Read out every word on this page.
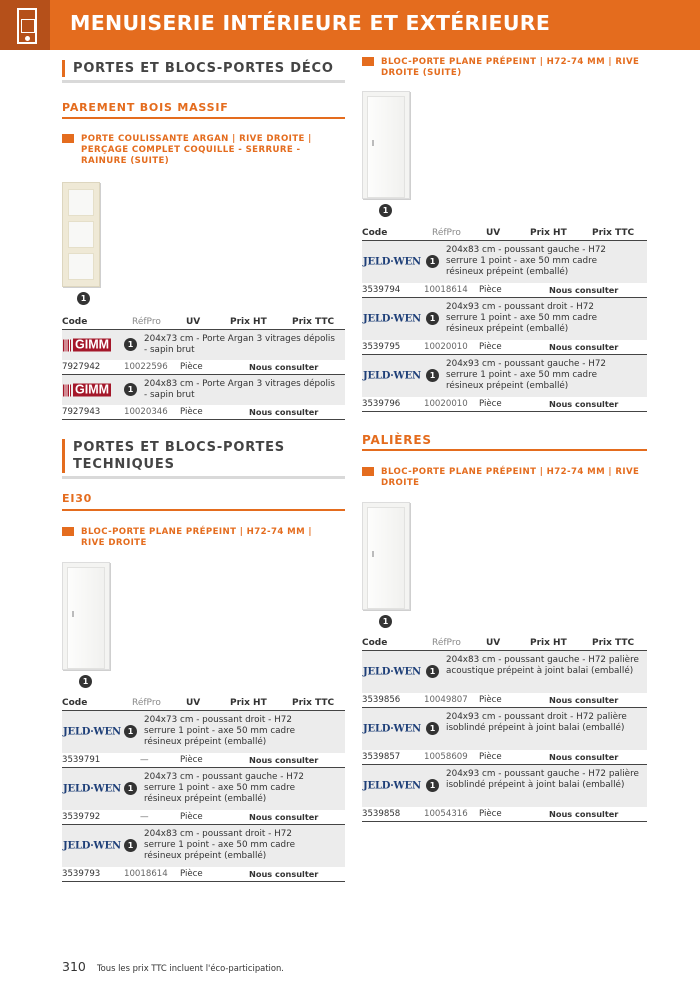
MENUISERIE INTÉRIEURE ET EXTÉRIEURE
PORTES ET BLOCS-PORTES DÉCO
PAREMENT BOIS MASSIF
PORTE COULISSANTE ARGAN | RIVE DROITE | PERÇAGE COMPLET COQUILLE - SERRURE - RAINURE (SUITE)
1
Code	RéfPro	UV	Prix HT	Prix TTC
GIMM	1
204x73 cm - Porte Argan 3 vitrages dépolis - sapin brut
7927942	10022596 Pièce	Nous consulter
GIMM	1
204x83 cm - Porte Argan 3 vitrages dépolis - sapin brut
7927943	10020346 Pièce	Nous consulter
PORTES ET BLOCS-PORTES TECHNIQUES
EI30
BLOC-PORTE PLANE PRÉPEINT | H72-74 MM | RIVE DROITE
1
Code	RéfPro	UV	Prix HT	Prix TTC
JELD·WEN 1
204x73 cm - poussant droit - H72 serrure 1 point - axe 50 mm cadre résineux prépeint (emballé)
3539791	—	Pièce	Nous consulter
JELD·WEN 1
204x73 cm - poussant gauche - H72 serrure 1 point - axe 50 mm cadre résineux prépeint (emballé)
3539792	—	Pièce	Nous consulter
JELD·WEN 1
204x83 cm - poussant droit - H72 serrure 1 point - axe 50 mm cadre résineux prépeint (emballé)
3539793	10018614 Pièce	Nous consulter
BLOC-PORTE PLANE PRÉPEINT | H72-74 MM | RIVE DROITE (SUITE)
1
Code	RéfPro	UV	Prix HT	Prix TTC
JELD·WEN	1
204x83 cm - poussant gauche - H72 serrure 1 point - axe 50 mm cadre résineux prépeint (emballé)
3539794	10018614 Pièce	Nous consulter
JELD·WEN	1
204x93 cm - poussant droit - H72 serrure 1 point - axe 50 mm cadre résineux prépeint (emballé)
3539795	10020010 Pièce	Nous consulter
JELD·WEN	1
204x93 cm - poussant gauche - H72 serrure 1 point - axe 50 mm cadre résineux prépeint (emballé)
3539796	10020010 Pièce	Nous consulter
PALIÈRES
BLOC-PORTE PLANE PRÉPEINT | H72-74 MM | RIVE DROITE
1
Code	RéfPro	UV	Prix HT	Prix TTC
JELD·WEN	1
204x83 cm - poussant gauche - H72 palière acoustique prépeint à joint balai (emballé)
3539856	10049807 Pièce	Nous consulter
JELD·WEN	1
204x93 cm - poussant droit - H72 palière isoblindé prépeint à joint balai (emballé)
3539857	10058609 Pièce	Nous consulter
JELD·WEN	1
204x93 cm - poussant gauche - H72 palière isoblindé prépeint à joint balai (emballé)
3539858	10054316 Pièce	Nous consulter
310 Tous les prix TTC incluent l'éco-participation.
